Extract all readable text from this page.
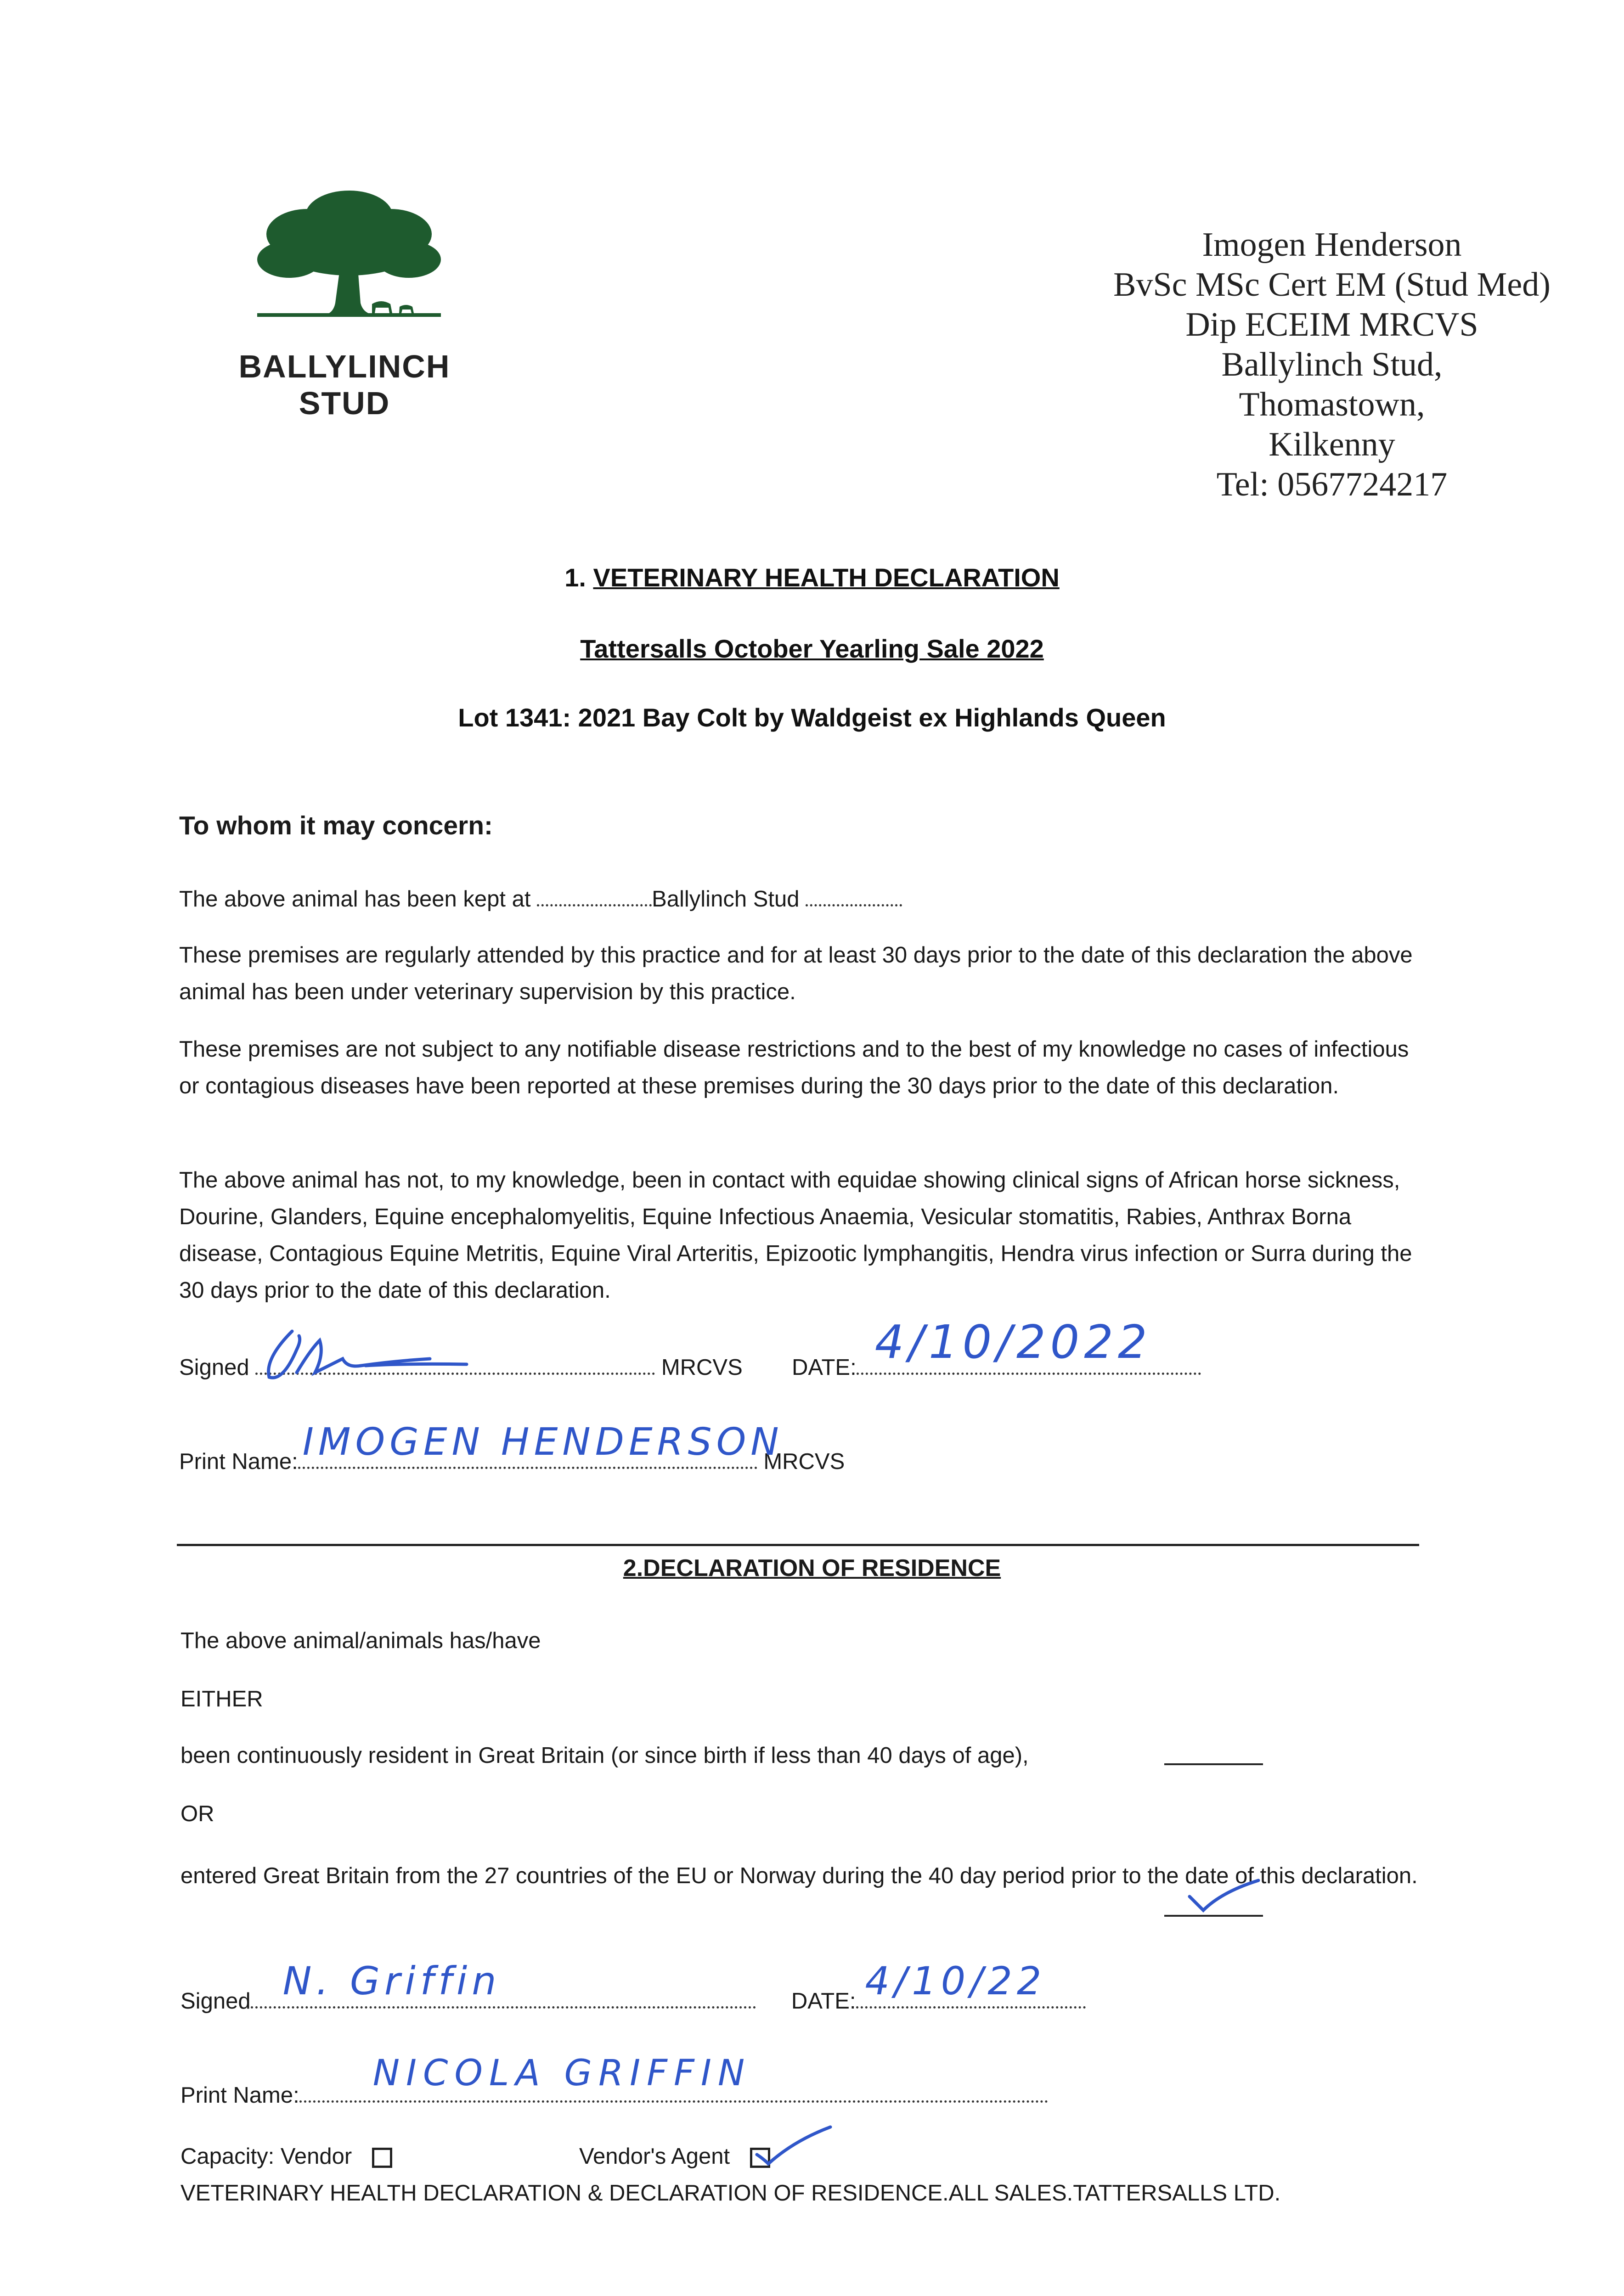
BALLYLINCH
STUD
Imogen Henderson
BvSc MSc Cert EM (Stud Med)
Dip ECEIM MRCVS
Ballylinch Stud,
Thomastown,
Kilkenny
Tel: 0567724217
1. VETERINARY HEALTH DECLARATION
Tattersalls October Yearling Sale 2022
Lot 1341: 2021 Bay Colt by Waldgeist ex Highlands Queen
To whom it may concern:
The above animal has been kept at	Ballylinch Stud
These premises are regularly attended by this practice and for at least 30 days prior to the date of this declaration the above animal has been under veterinary supervision by this practice.
These premises are not subject to any notifiable disease restrictions and to the best of my knowledge no cases of infectious or contagious diseases have been reported at these premises during the 30 days prior to the date of this declaration.
The above animal has not, to my knowledge, been in contact with equidae showing clinical signs of African horse sickness, Dourine, Glanders, Equine encephalomyelitis, Equine Infectious Anaemia, Vesicular stomatitis, Rabies, Anthrax Borna disease, Contagious Equine Metritis, Equine Viral Arteritis, Epizootic lymphangitis, Hendra virus infection or Surra during the 30 days prior to the date of this declaration.
Signed	MRCVS DATE: 4/10/2022
Print Name: IMOGEN HENDERSON
MRCVS
2.DECLARATION OF RESIDENCE
The above animal/animals has/have
EITHER
been continuously resident in Great Britain (or since birth if less than 40 days of age),
OR
entered Great Britain from the 27 countries of the EU or Norway during the 40 day period prior to the date of this declaration.
Signed N. Griffin	DATE: 4/10/22
Print Name:
NICOLA GRIFFIN
Capacity: Vendor	Vendor's Agent
VETERINARY HEALTH DECLARATION & DECLARATION OF RESIDENCE.ALL SALES.TATTERSALLS LTD.
